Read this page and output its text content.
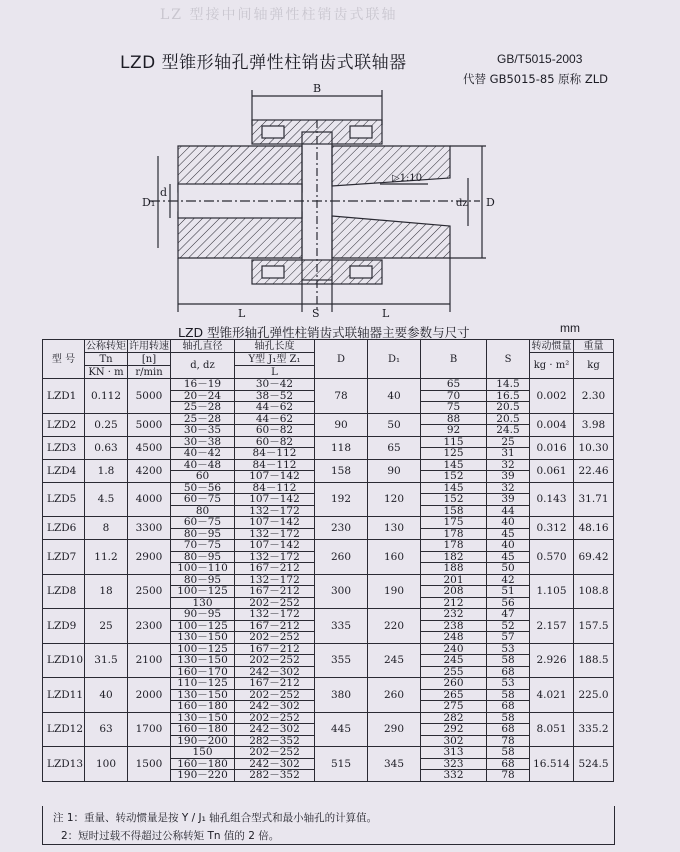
LZ 型接中间轴弹性柱销齿式联轴
LZD 型锥形轴孔弹性柱销齿式联轴器	GB/T5015-2003
代替 GB5015-85 原称 ZLD
B
D₁
d
▷1:10
dz D
L	S	L
LZD 型锥形轴孔弹性柱销齿式联轴器主要参数与尺寸	mm
型 号	公称转矩	许用转速	轴孔直径	轴孔长度	D	D₁	B	S	转动惯量	重量
	Tn	[n]	d, dz	Y型 J₁型 Z₁					kg · m²	kg
	KN · m	r/min		L						
LZD1	0.112	5000	16－19	30－42	78	40	65	14.5	0.002	2.30
			20－24	38－52			70	16.5		
			25－28	44－62			75	20.5		
LZD2	0.25	5000	25－28	44－62	90	50	88	20.5	0.004	3.98
			30－35	60－82			92	24.5		
LZD3	0.63	4500	30－38	60－82	118	65	115	25	0.016	10.30
			40－42	84－112			125	31		
LZD4	1.8	4200	40－48	84－112	158	90	145	32	0.061	22.46
			60	107－142			152	39		
LZD5	4.5	4000	50－56	84－112	192	120	145	32	0.143	31.71
			60－75	107－142			152	39		
			80	132－172			158	44		
LZD6	8	3300	60－75	107－142	230	130	175	40	0.312	48.16
			80－95	132－172			178	45		
LZD7	11.2	2900	70－75	107－142	260	160	178	40	0.570	69.42
			80－95	132－172			182	45		
			100－110	167－212			188	50		
LZD8	18	2500	80－95	132－172	300	190	201	42	1.105	108.8
			100－125	167－212			208	51		
			130	202－252			212	56		
LZD9	25	2300	90－95	132－172	335	220	232	47	2.157	157.5
			100－125	167－212			238	52		
			130－150	202－252			248	57		
LZD10	31.5	2100	100－125	167－212	355	245	240	53	2.926	188.5
			130－150	202－252			245	58		
			160－170	242－302			255	68		
LZD11	40	2000	110－125	167－212	380	260	260	53	4.021	225.0
			130－150	202－252			265	58		
			160－180	242－302			275	68		
LZD12	63	1700	130－150	202－252	445	290	282	58	8.051	335.2
			160－180	242－302			292	68		
			190－200	282－352			302	78		
LZD13	100	1500	150	202－252	515	345	313	58	16.514	524.5
			160－180	242－302			323	68		
			190－220	282－352			332	78		
注 1：重量、转动惯量是按 Y / J₁ 轴孔组合型式和最小轴孔的计算值。
2：短时过载不得超过公称转矩 Tn 值的 2 倍。
